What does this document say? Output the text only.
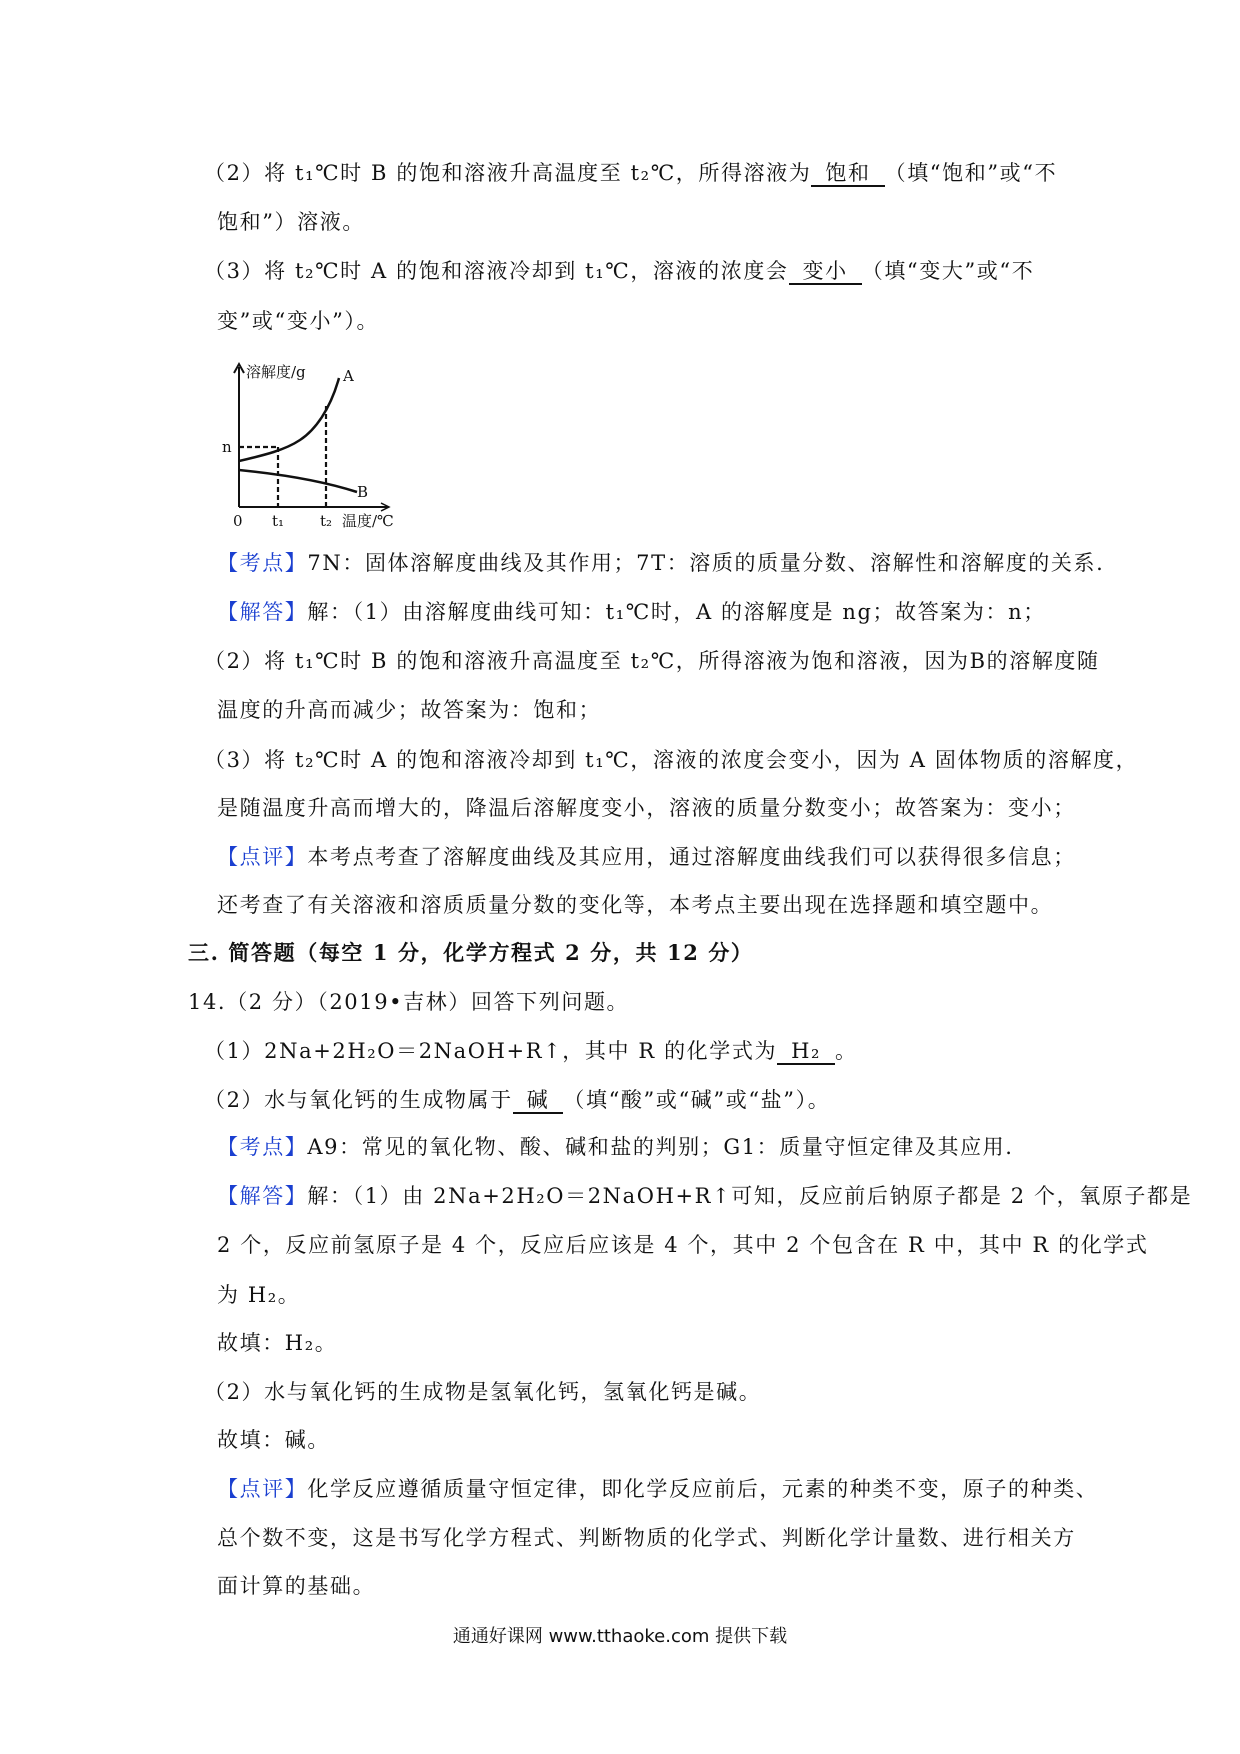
（2）将 t₁℃时 B 的饱和溶液升高温度至 t₂℃，所得溶液为 饱和 （填“饱和”或“不
饱和”）溶液。
（3）将 t₂℃时 A 的饱和溶液冷却到 t₁℃，溶液的浓度会 变小 （填“变大”或“不
变”或“变小”）。
溶解度/g A
B
n
0 t₁ t₂ 温度/℃
【考点】7N：固体溶解度曲线及其作用；7T：溶质的质量分数、溶解性和溶解度的关系.
【解答】解：（1）由溶解度曲线可知：t₁℃时，A 的溶解度是 ng；故答案为：n；
（2）将 t₁℃时 B 的饱和溶液升高温度至 t₂℃，所得溶液为饱和溶液，因为B的溶解度随
温度的升高而减少；故答案为：饱和；
（3）将 t₂℃时 A 的饱和溶液冷却到 t₁℃，溶液的浓度会变小，因为 A 固体物质的溶解度，
是随温度升高而增大的，降温后溶解度变小，溶液的质量分数变小；故答案为：变小；
【点评】本考点考查了溶解度曲线及其应用，通过溶解度曲线我们可以获得很多信息；
还考查了有关溶液和溶质质量分数的变化等，本考点主要出现在选择题和填空题中。
三. 简答题（每空 1 分，化学方程式 2 分，共 12 分）
14.（2 分）（2019•吉林）回答下列问题。
（1）2Na+2H₂O＝2NaOH+R↑，其中 R 的化学式为 H₂ 。
（2）水与氧化钙的生成物属于 碱 （填“酸”或“碱”或“盐”）。
【考点】A9：常见的氧化物、酸、碱和盐的判别；G1：质量守恒定律及其应用.
【解答】解：（1）由 2Na+2H₂O＝2NaOH+R↑可知，反应前后钠原子都是 2 个，氧原子都是
2 个，反应前氢原子是 4 个，反应后应该是 4 个，其中 2 个包含在 R 中，其中 R 的化学式
为 H₂。
故填：H₂。
（2）水与氧化钙的生成物是氢氧化钙，氢氧化钙是碱。
故填：碱。
【点评】化学反应遵循质量守恒定律，即化学反应前后，元素的种类不变，原子的种类、
总个数不变，这是书写化学方程式、判断物质的化学式、判断化学计量数、进行相关方
面计算的基础。
通通好课网 www.tthaoke.com 提供下载
